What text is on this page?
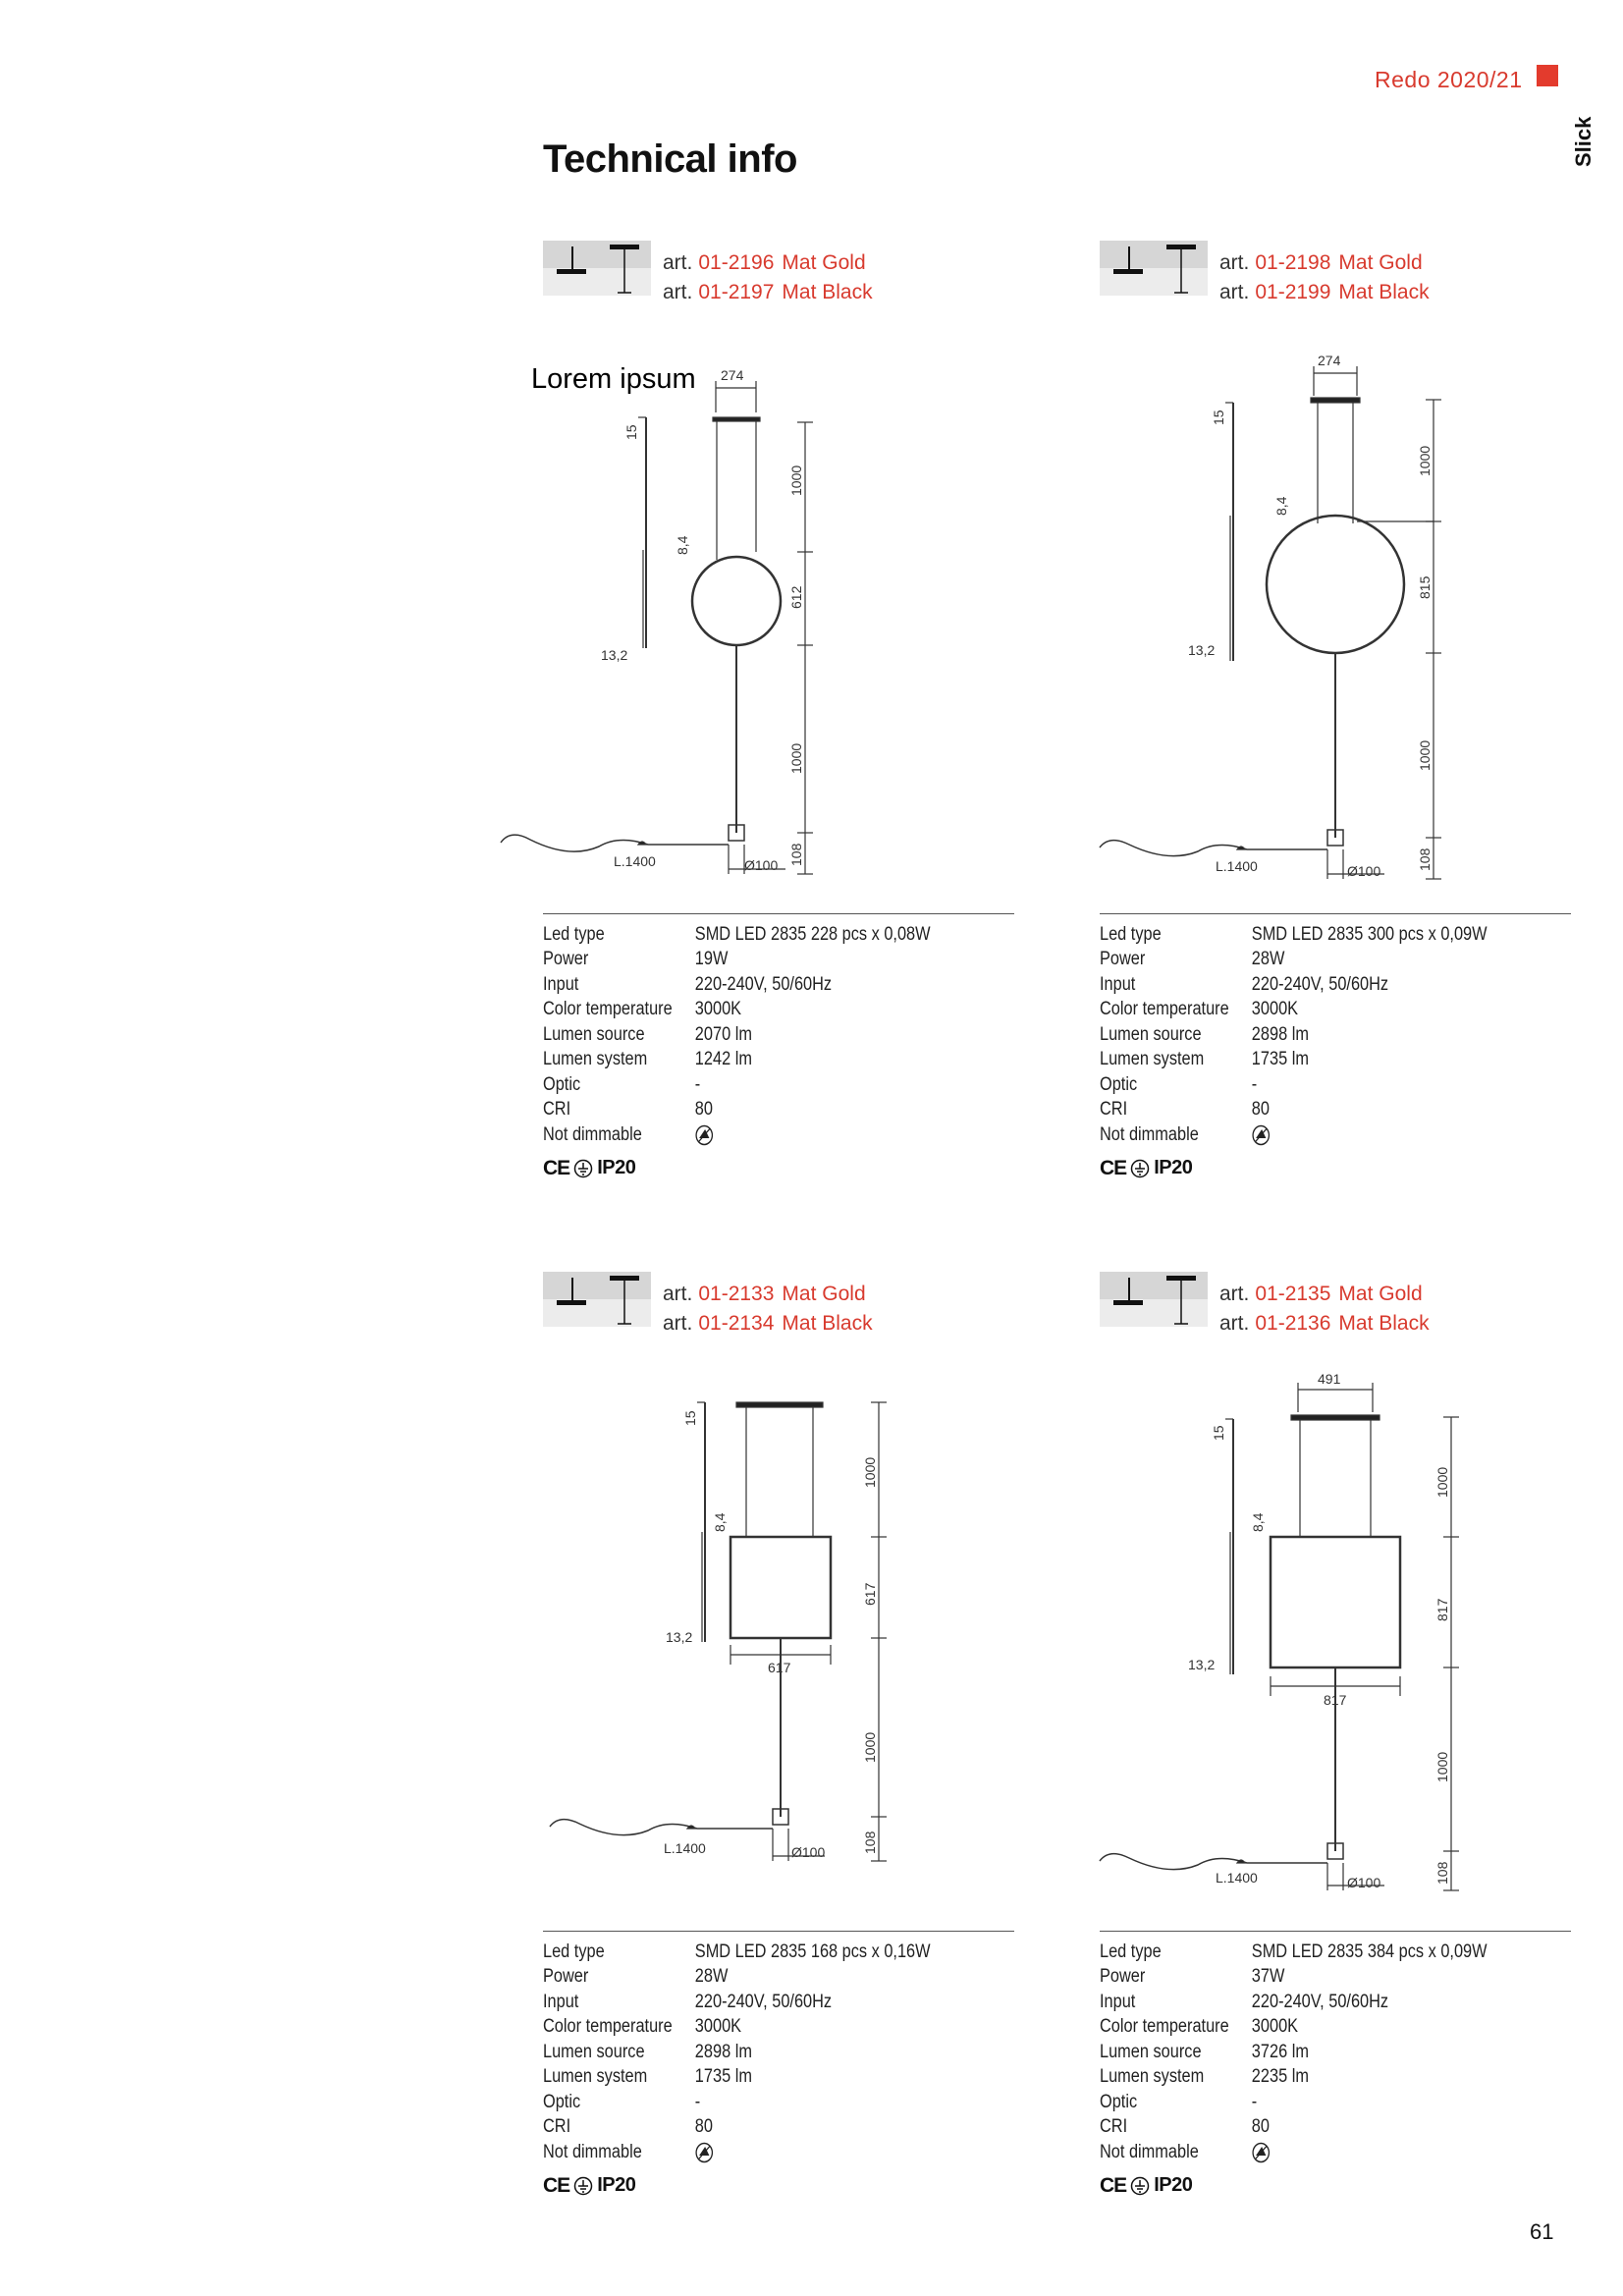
Redo 2020/21
Slick
Technical info
Lorem ipsum
art. 01-2196 Mat Gold
art. 01-2197 Mat Black
274
15
8,4
13,2
1000
612
1000
108
L.1400	Ø100
Led type	SMD LED 2835 228 pcs x 0,08W
Power	19W
Input	220-240V, 50/60Hz
Color temperature	3000K
Lumen source	2070 lm
Lumen system	1242 lm
Optic	-
CRI	80
Not dimmable
CE IP20
art. 01-2198 Mat Gold
art. 01-2199 Mat Black
274
15
8,4
13,2
1000
815
1000
108
L.1400	Ø100
Led type	SMD LED 2835 300 pcs x 0,09W
Power	28W
Input	220-240V, 50/60Hz
Color temperature	3000K
Lumen source	2898 lm
Lumen system	1735 lm
Optic	-
CRI	80
Not dimmable
CE IP20
art. 01-2133 Mat Gold
art. 01-2134 Mat Black
15
8,4
13,2
1000
617
617
1000
108
L.1400	Ø100
Led type	SMD LED 2835 168 pcs x 0,16W
Power	28W
Input	220-240V, 50/60Hz
Color temperature	3000K
Lumen source	2898 lm
Lumen system	1735 lm
Optic	-
CRI	80
Not dimmable
CE IP20
art. 01-2135 Mat Gold
art. 01-2136 Mat Black
491
15
8,4
13,2
1000
817
817
1000
108
L.1400	Ø100
Led type	SMD LED 2835 384 pcs x 0,09W
Power	37W
Input	220-240V, 50/60Hz
Color temperature	3000K
Lumen source	3726 lm
Lumen system	2235 lm
Optic	-
CRI	80
Not dimmable
CE IP20
61
